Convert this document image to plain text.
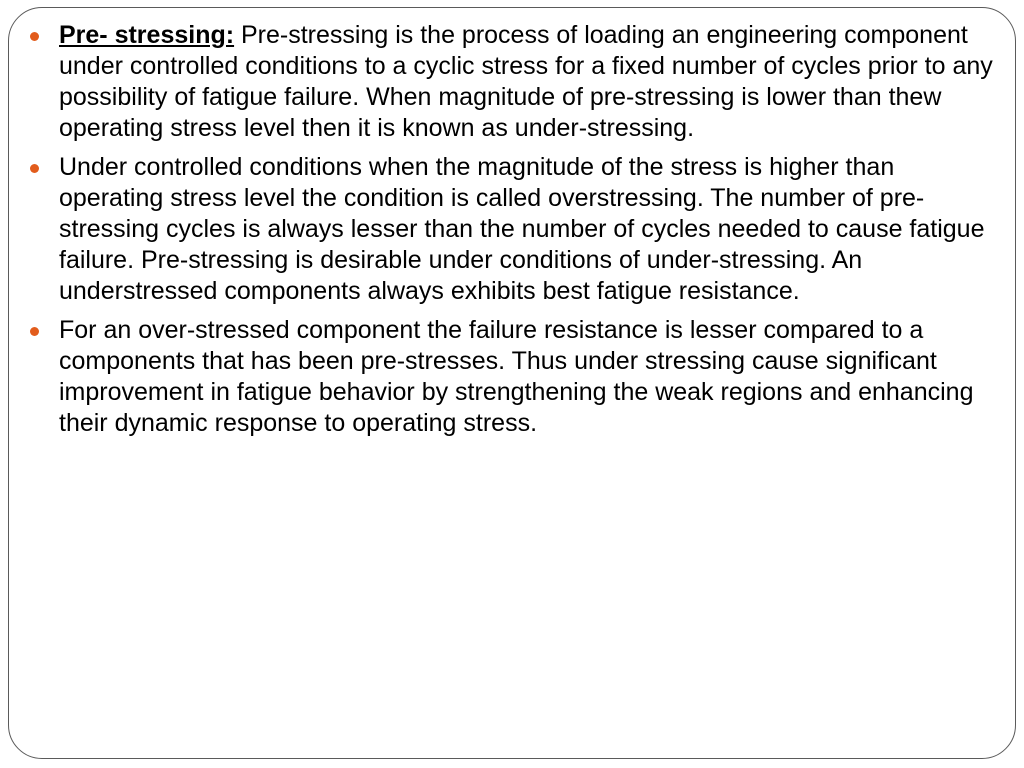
Pre- stressing: Pre-stressing is the process of loading an engineering component under controlled conditions to a cyclic stress for a fixed number of cycles prior to any possibility of fatigue failure. When magnitude of pre-stressing is lower than thew operating stress level then it is known as under-stressing.
Under controlled conditions when the magnitude of the stress is higher than operating stress level the condition is called overstressing. The number of pre-stressing cycles is always lesser than the number of cycles needed to cause fatigue failure. Pre-stressing is desirable under conditions of under-stressing. An understressed components always exhibits best fatigue resistance.
For an over-stressed component the failure resistance is lesser compared to a components that has been pre-stresses. Thus under stressing cause significant improvement in fatigue behavior by strengthening the weak regions and enhancing their dynamic response to operating stress.
